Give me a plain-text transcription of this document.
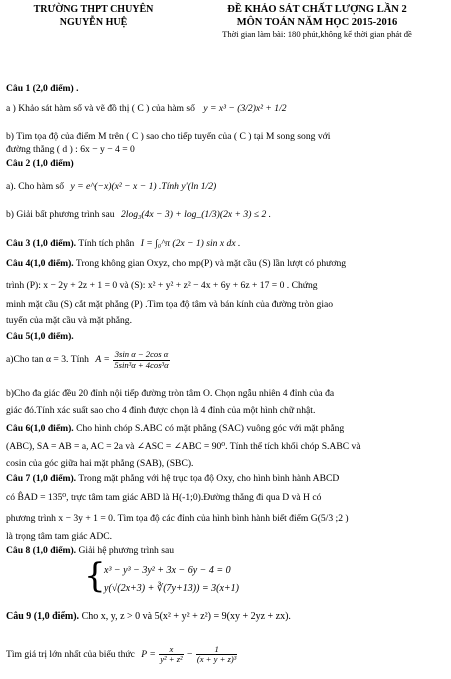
TRƯỜNG THPT CHUYÊN
NGUYỄN HUỆ
ĐỀ KHẢO SÁT CHẤT LƯỢNG LẦN 2
MÔN TOÁN NĂM HỌC 2015-2016
Thời gian làm bài: 180 phút,không kể thời gian phát đề
Câu 1 (2,0 điểm) .
a ) Khảo sát hàm số và vẽ đồ thị ( C ) của hàm số y = x³ − (3/2)x² + 1/2
b) Tìm tọa độ của điểm M trên ( C ) sao cho tiếp tuyến của ( C ) tại M song song với
đường thẳng ( d ) : 6x − y − 4 = 0
Câu 2 (1,0 điểm)
a). Cho hàm số y = e^(−x)(x² − x − 1) .Tính y'(ln 1/2)
b) Giải bất phương trình sau 2log₃(4x − 3) + log_(1/3)(2x + 3) ≤ 2 .
Câu 3 (1,0 điểm). Tính tích phân I = ∫₀^π (2x − 1) sin x dx .
Câu 4(1,0 điểm). Trong không gian Oxyz, cho mp(P) và mặt cầu (S) lần lượt có phương
trình (P): x − 2y + 2z + 1 = 0 và (S): x² + y² + z² − 4x + 6y + 6z + 17 = 0 . Chứng
minh mặt cầu (S) cắt mặt phẳng (P) .Tìm tọa độ tâm và bán kính của đường tròn giao
tuyến của mặt cầu và mặt phẳng.
Câu 5(1,0 điểm).
a)Cho tan α = 3. Tính $A = \frac{\text{3sin α − 2cos α}}{\text{5sin³α + 4cos³α}}$
b)Cho đa giác đều 20 đỉnh nội tiếp đường tròn tâm O. Chọn ngẫu nhiên 4 đỉnh của đa
giác đó.Tính xác suất sao cho 4 đỉnh được chọn là 4 đỉnh của một hình chữ nhật.
Câu 6(1,0 điểm). Cho hình chóp S.ABC có mặt phẳng (SAC) vuông góc với mặt phẳng
(ABC), SA = AB = a, AC = 2a và ∠ASC = ∠ABC = 90⁰. Tính thể tích khối chóp S.ABC và
cosin của góc giữa hai mặt phẳng (SAB), (SBC).
Câu 7 (1,0 điểm). Trong mặt phẳng với hệ trục tọa độ Oxy, cho hình bình hành ABCD
có B̂AD = 135⁰, trực tâm tam giác ABD là H(-1;0).Đường thẳng đi qua D và H có
phương trình x − 3y + 1 = 0. Tìm tọa độ các đỉnh của hình bình hành biết điểm G(5/3 ;2 )
là trọng tâm tam giác ADC.
Câu 8 (1,0 điểm). Giải hệ phương trình sau
{
x³ − y³ − 3y² + 3x − 6y − 4 = 0
y(√(2x+3) + ∛(7y+13)) = 3(x+1)
Câu 9 (1,0 điểm). Cho x, y, z > 0 và 5(x² + y² + z²) = 9(xy + 2yz + zx).
Tìm giá trị lớn nhất của biểu thức $P = \frac{x}{\text{y² + z²}} - \frac{1}{\text{(x + y + z)³}}$
